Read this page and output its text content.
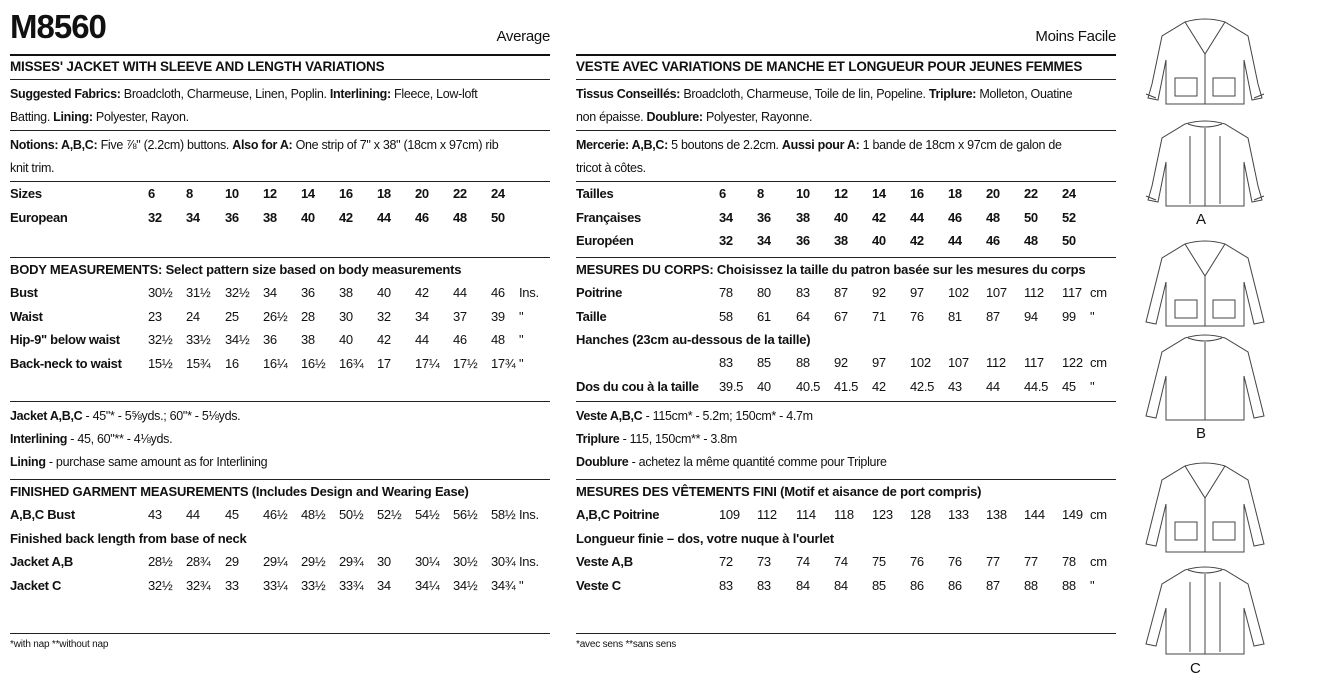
M8560	Average
MISSES' JACKET WITH SLEEVE AND LENGTH VARIATIONS
Suggested Fabrics: Broadcloth, Charmeuse, Linen, Poplin. Interlining: Fleece, Low-loft
Batting. Lining: Polyester, Rayon.
Notions: A,B,C: Five ⅞" (2.2cm) buttons. Also for A: One strip of 7" x 38" (18cm x 97cm) rib
knit trim.
Sizes	6 8 10 12 14 16 18 20 22 24
European	32 34 36 38 40 42 44 46 48 50
BODY MEASUREMENTS: Select pattern size based on body measurements
Bust	30½ 31½ 32½ 34 36 38 40 42 44 46 Ins.
Waist	23 24 25 26½ 28 30 32 34 37 39 "
Hip-9" below waist 32½ 33½ 34½ 36 38 40 42 44 46 48 "
Back-neck to waist 15½ 15¾ 16 16¼ 16½ 16¾ 17 17¼ 17½ 17¾ "
Jacket A,B,C - 45"* - 5⅝yds.; 60"* - 5⅛yds.
Interlining - 45, 60"** - 4⅛yds.
Lining - purchase same amount as for Interlining
FINISHED GARMENT MEASUREMENTS (Includes Design and Wearing Ease)
A,B,C Bust	43 44 45 46½ 48½ 50½ 52½ 54½ 56½ 58½ Ins.
Finished back length from base of neck
Jacket A,B	28½ 28¾ 29 29¼ 29½ 29¾ 30 30¼ 30½ 30¾ Ins.
Jacket C	32½ 32¾ 33 33¼ 33½ 33¾ 34 34¼ 34½ 34¾ "
*with nap **without nap
Moins Facile
VESTE AVEC VARIATIONS DE MANCHE ET LONGUEUR POUR JEUNES FEMMES
Tissus Conseillés: Broadcloth, Charmeuse, Toile de lin, Popeline. Triplure: Molleton, Ouatine
non épaisse. Doublure: Polyester, Rayonne.
Mercerie: A,B,C: 5 boutons de 2.2cm. Aussi pour A: 1 bande de 18cm x 97cm de galon de
tricot à côtes.
Tailles	6 8 10 12 14 16 18 20 22 24
Françaises	34 36 38 40 42 44 46 48 50 52
Européen	32 34 36 38 40 42 44 46 48 50
MESURES DU CORPS: Choisissez la taille du patron basée sur les mesures du corps
Poitrine	78 80 83 87 92 97 102 107 112 117 cm
Taille	58 61 64 67 71 76 81 87 94 99 "
Hanches (23cm au-dessous de la taille)
83 85 88 92 97 102 107 112 117 122 cm
Dos du cou à la taille 39.5 40 40.5 41.5 42 42.5 43 44 44.5 45 "
Veste A,B,C - 115cm* - 5.2m; 150cm* - 4.7m
Triplure - 115, 150cm** - 3.8m
Doublure - achetez la même quantité comme pour Triplure
MESURES DES VÊTEMENTS FINI (Motif et aisance de port compris)
A,B,C Poitrine	109 112 114 118 123 128 133 138 144 149 cm
Longueur finie – dos, votre nuque à l'ourlet
Veste A,B	72 73 74 74 75 76 76 77 77 78 cm
Veste C	83 83 84 84 85 86 86 87 88 88 "
*avec sens **sans sens
A
B
C
